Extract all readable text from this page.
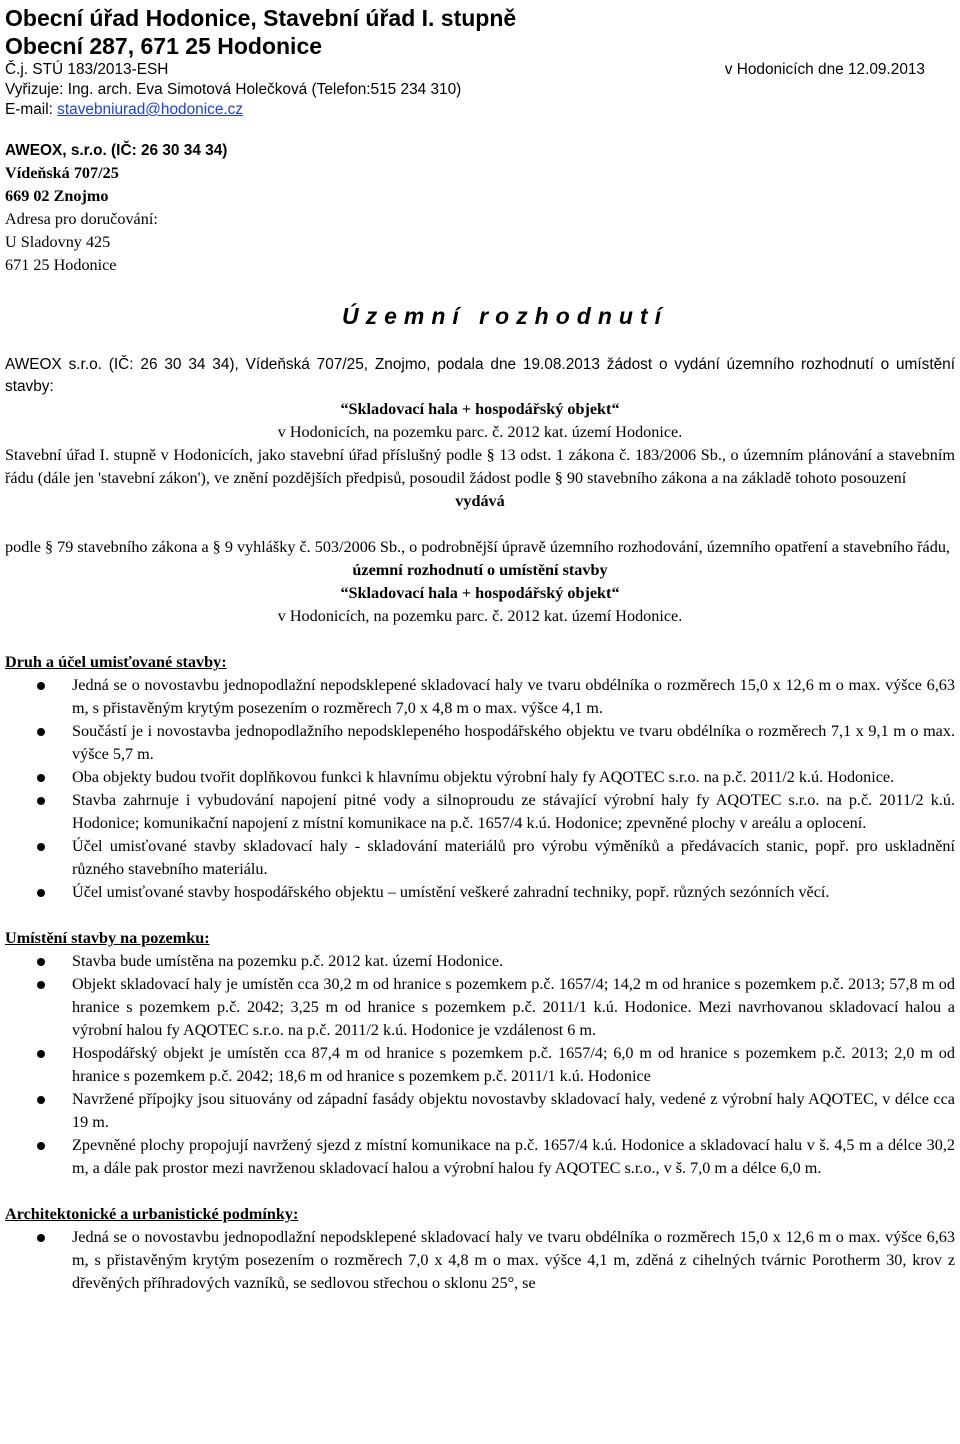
Obecní úřad Hodonice, Stavební úřad I. stupně
Obecní 287, 671 25 Hodonice
Č.j. STÚ 183/2013-ESH	v Hodonicích dne 12.09.2013
Vyřizuje: Ing. arch. Eva Simotová Holečková (Telefon:515 234 310)
E-mail: stavebniurad@hodonice.cz
AWEOX, s.r.o. (IČ: 26 30 34 34)
Vídeňská 707/25
669 02 Znojmo
Adresa pro doručování:
U Sladovny 425
671 25 Hodonice
Územní rozhodnutí
AWEOX s.r.o. (IČ: 26 30 34 34), Vídeňská 707/25, Znojmo, podala dne 19.08.2013 žádost o vydání územního rozhodnutí o umístění stavby:
“Skladovací hala + hospodářský objekt“
v Hodonicích, na pozemku parc. č. 2012 kat. území Hodonice.
Stavební úřad I. stupně v Hodonicích, jako stavební úřad příslušný podle § 13 odst. 1 zákona č. 183/2006 Sb., o územním plánování a stavebním řádu (dále jen 'stavební zákon'), ve znění pozdějších předpisů, posoudil žádost podle § 90 stavebního zákona a na základě tohoto posouzení
vydává
podle § 79 stavebního zákona a § 9 vyhlášky č. 503/2006 Sb., o podrobnější úpravě územního rozhodování, územního opatření a stavebního řádu,
územní rozhodnutí o umístění stavby
“Skladovací hala + hospodářský objekt“
v Hodonicích, na pozemku parc. č. 2012 kat. území Hodonice.
Druh a účel umisťované stavby:
Jedná se o novostavbu jednopodlažní nepodsklepené skladovací haly ve tvaru obdélníka o rozměrech 15,0 x 12,6 m o max. výšce 6,63 m, s přistavěným krytým posezením o rozměrech 7,0 x 4,8 m o max. výšce 4,1 m.
Součástí je i novostavba jednopodlažního nepodsklepeného hospodářského objektu ve tvaru obdélníka o rozměrech 7,1 x 9,1 m o max. výšce 5,7 m.
Oba objekty budou tvořit doplňkovou funkci k hlavnímu objektu výrobní haly fy AQOTEC s.r.o. na p.č. 2011/2 k.ú. Hodonice.
Stavba zahrnuje i vybudování napojení pitné vody a silnoproudu ze stávající výrobní haly fy AQOTEC s.r.o. na p.č. 2011/2 k.ú. Hodonice; komunikační napojení z místní komunikace na p.č. 1657/4 k.ú. Hodonice; zpevněné plochy v areálu a oplocení.
Účel umisťované stavby skladovací haly - skladování materiálů pro výrobu výměníků a předávacích stanic, popř. pro uskladnění různého stavebního materiálu.
Účel umisťované stavby hospodářského objektu – umístění veškeré zahradní techniky, popř. různých sezónních věcí.
Umístění stavby na pozemku:
Stavba bude umístěna na pozemku p.č. 2012 kat. území Hodonice.
Objekt skladovací haly je umístěn cca 30,2 m od hranice s pozemkem p.č. 1657/4; 14,2 m od hranice s pozemkem p.č. 2013; 57,8 m od hranice s pozemkem p.č. 2042; 3,25 m od hranice s pozemkem p.č. 2011/1 k.ú. Hodonice. Mezi navrhovanou skladovací halou a výrobní halou fy AQOTEC s.r.o. na p.č. 2011/2 k.ú. Hodonice je vzdálenost 6 m.
Hospodářský objekt je umístěn cca 87,4 m od hranice s pozemkem p.č. 1657/4; 6,0 m od hranice s pozemkem p.č. 2013; 2,0 m od hranice s pozemkem p.č. 2042; 18,6 m od hranice s pozemkem p.č. 2011/1 k.ú. Hodonice
Navržené přípojky jsou situovány od západní fasády objektu novostavby skladovací haly, vedené z výrobní haly AQOTEC, v délce cca 19 m.
Zpevněné plochy propojují navržený sjezd z místní komunikace na p.č. 1657/4 k.ú. Hodonice a skladovací halu v š. 4,5 m a délce 30,2 m, a dále pak prostor mezi navrženou skladovací halou a výrobní halou fy AQOTEC s.r.o., v š. 7,0 m a délce 6,0 m.
Architektonické a urbanistické podmínky:
Jedná se o novostavbu jednopodlažní nepodsklepené skladovací haly ve tvaru obdélníka o rozměrech 15,0 x 12,6 m o max. výšce 6,63 m, s přistavěným krytým posezením o rozměrech 7,0 x 4,8 m o max. výšce 4,1 m, zděná z cihelných tvárnic Porotherm 30, krov z dřevěných příhradových vazníků, se sedlovou střechou o sklonu 25°, se
